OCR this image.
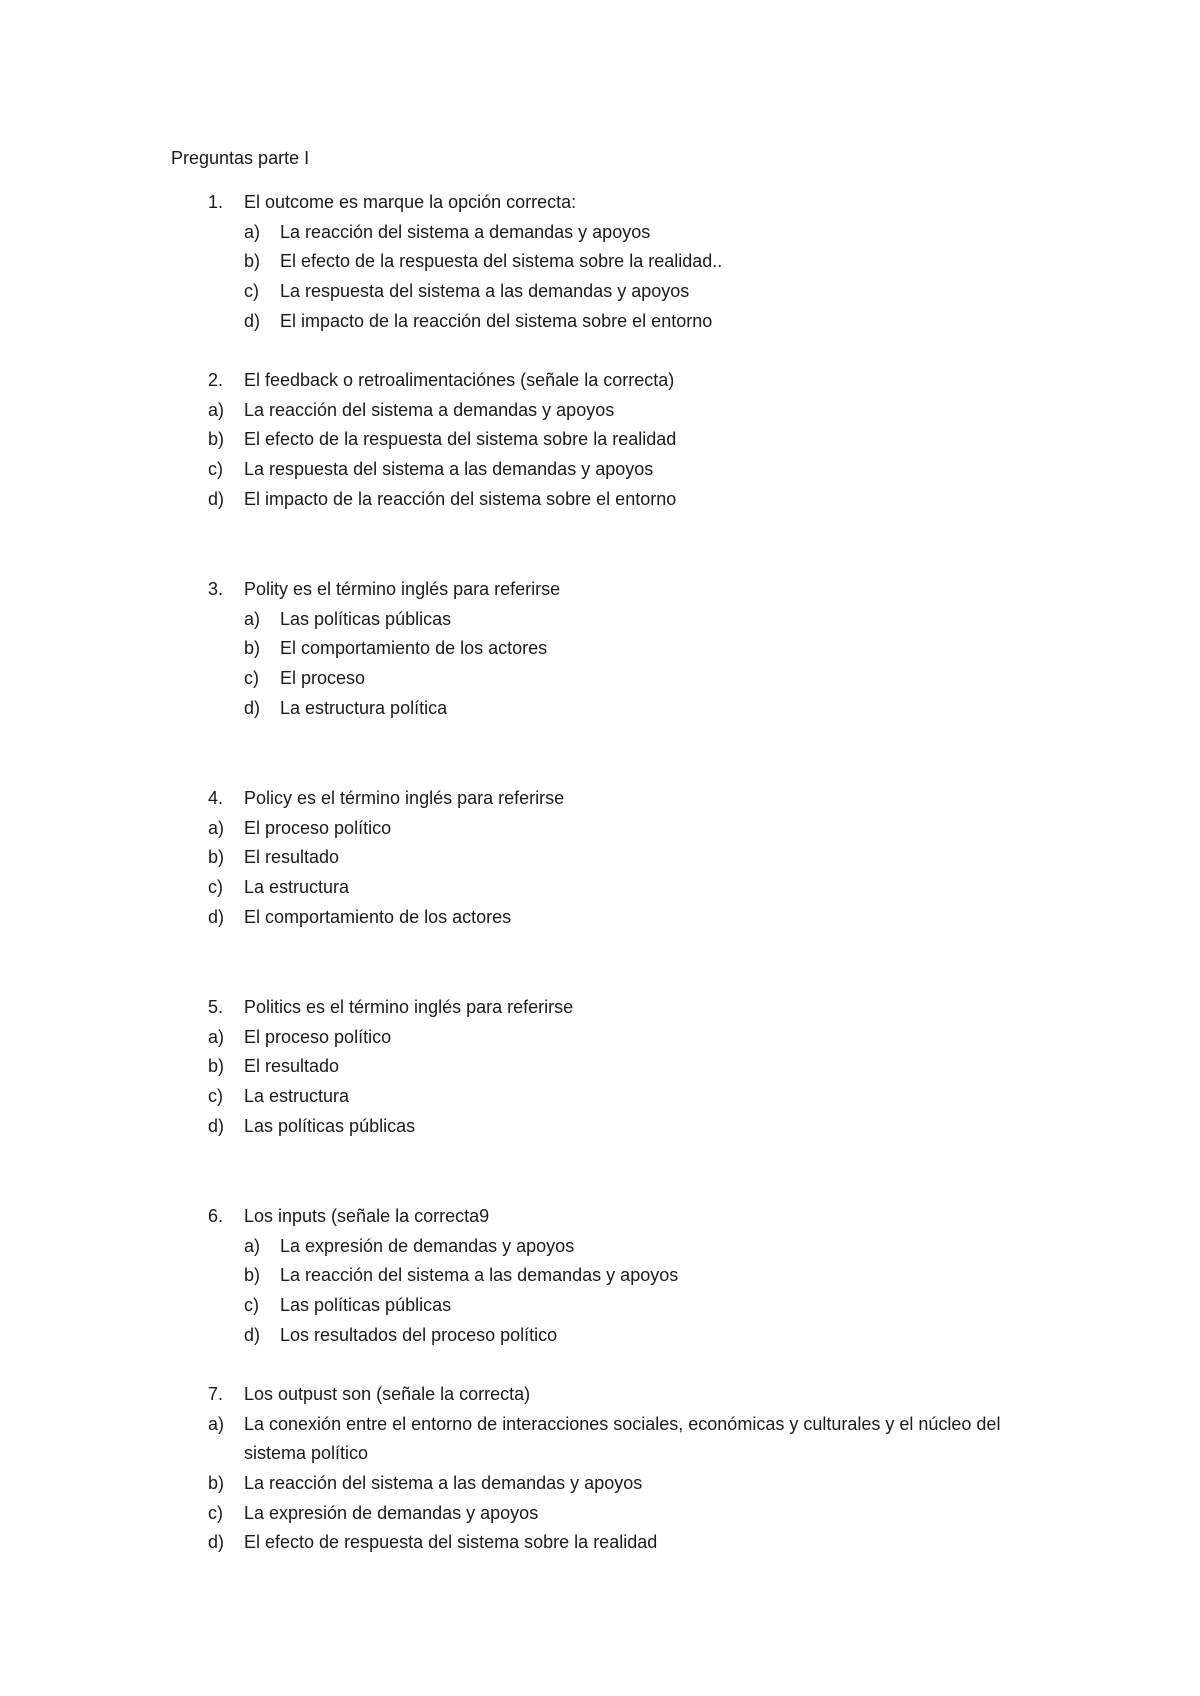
Preguntas parte I
1. El outcome es marque la opción correcta:
a) La reacción del sistema a demandas y apoyos
b) El efecto de la respuesta del sistema sobre la realidad..
c) La respuesta del sistema a las demandas y apoyos
d) El impacto de la reacción del sistema sobre el entorno
2. El feedback o retroalimentaciónes (señale la correcta)
a) La reacción del sistema a demandas y apoyos
b) El efecto de la respuesta del sistema sobre la realidad
c) La respuesta del sistema a las demandas y apoyos
d) El impacto de la reacción del sistema sobre el entorno
3. Polity es el término inglés para referirse
a) Las políticas públicas
b) El comportamiento de los actores
c) El proceso
d) La estructura política
4. Policy es el término inglés para referirse
a) El proceso político
b) El resultado
c) La estructura
d) El comportamiento de los actores
5. Politics es el término inglés para referirse
a) El proceso político
b) El resultado
c) La estructura
d) Las políticas públicas
6. Los inputs (señale la correcta9
a) La expresión de demandas y apoyos
b) La reacción del sistema a las demandas y apoyos
c) Las políticas públicas
d) Los resultados del proceso político
7. Los outpust son (señale la correcta)
a) La conexión entre el entorno de interacciones sociales, económicas y culturales y el núcleo del sistema político
b) La reacción del sistema a las demandas y apoyos
c) La expresión de demandas y apoyos
d) El efecto de respuesta del sistema sobre la realidad
